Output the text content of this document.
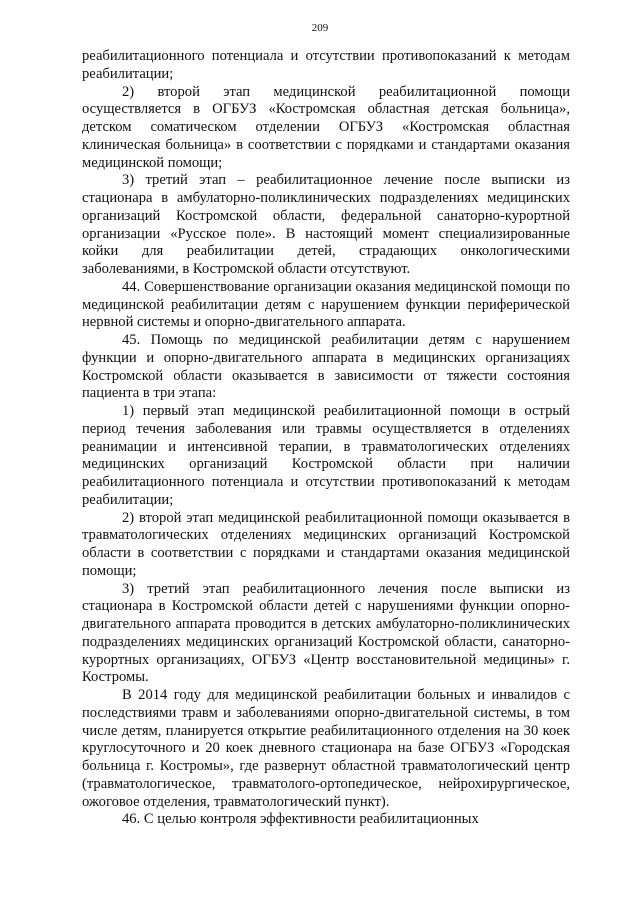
209

реабилитационного потенциала и отсутствии противопоказаний к методам реабилитации;

2) второй этап медицинской реабилитационной помощи осуществляется в ОГБУЗ «Костромская областная детская больница», детском соматическом отделении ОГБУЗ «Костромская областная клиническая больница» в соответствии с порядками и стандартами оказания медицинской помощи;

3) третий этап – реабилитационное лечение после выписки из стационара в амбулаторно-поликлинических подразделениях медицинских организаций Костромской области, федеральной санаторно-курортной организации «Русское поле». В настоящий момент специализированные койки для реабилитации детей, страдающих онкологическими заболеваниями, в Костромской области отсутствуют.

44. Совершенствование организации оказания медицинской помощи по медицинской реабилитации детям с нарушением функции периферической нервной системы и опорно-двигательного аппарата.

45. Помощь по медицинской реабилитации детям с нарушением функции и опорно-двигательного аппарата в медицинских организациях Костромской области оказывается в зависимости от тяжести состояния пациента в три этапа:

1) первый этап медицинской реабилитационной помощи в острый период течения заболевания или травмы осуществляется в отделениях реанимации и интенсивной терапии, в травматологических отделениях медицинских организаций Костромской области при наличии реабилитационного потенциала и отсутствии противопоказаний к методам реабилитации;

2) второй этап медицинской реабилитационной помощи оказывается в травматологических отделениях медицинских организаций Костромской области в соответствии с порядками и стандартами оказания медицинской помощи;

3) третий этап реабилитационного лечения после выписки из стационара в Костромской области детей с нарушениями функции опорно-двигательного аппарата проводится в детских амбулаторно-поликлинических подразделениях медицинских организаций Костромской области, санаторно-курортных организациях, ОГБУЗ «Центр восстановительной медицины» г. Костромы.

В 2014 году для медицинской реабилитации больных и инвалидов с последствиями травм и заболеваниями опорно-двигательной системы, в том числе детям, планируется открытие реабилитационного отделения на 30 коек круглосуточного и 20 коек дневного стационара на базе ОГБУЗ «Городская больница г. Костромы», где развернут областной травматологический центр (травматологическое, травматолого-ортопедическое, нейрохирургическое, ожоговое отделения, травматологический пункт).

46. С целью контроля эффективности реабилитационных
